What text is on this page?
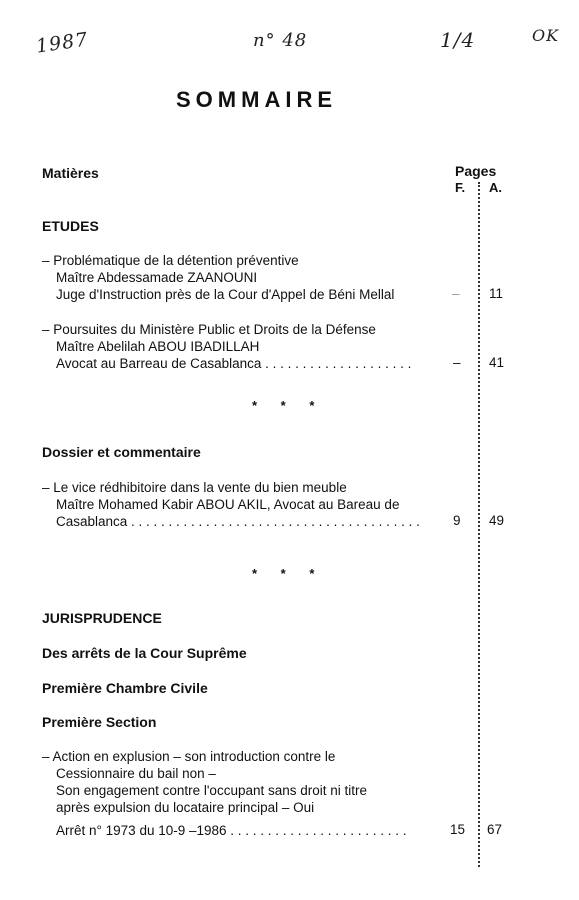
1987	n° 48	1/4	OK
SOMMAIRE
Matières	Pages
F. A.
ETUDES
– Problématique de la détention préventive
Maître Abdessamade ZAANOUNI
Juge d'Instruction près de la Cour d'Appel de Béni Mellal	– 11
– Poursuites du Ministère Public et Droits de la Défense
Maître Abelilah ABOU IBADILLAH
Avocat au Barreau de Casablanca . . . . . . . . . . . . . . . . . . . .	– 41
* * *
Dossier et commentaire
– Le vice rédhibitoire dans la vente du bien meuble
Maître Mohamed Kabir ABOU AKIL, Avocat au Bareau de
Casablanca . . . . . . . . . . . . . . . . . . . . . . . . . . . . . . . . . . . . . . . 9 49
* * *
JURISPRUDENCE
Des arrêts de la Cour Suprême
Première Chambre Civile
Première Section
– Action en explusion – son introduction contre le
Cessionnaire du bail non –
Son engagement contre l'occupant sans droit ni titre
après expulsion du locataire principal – Oui
Arrêt n° 1973 du 10-9 –1986 . . . . . . . . . . . . . . . . . . . . . . . .	15 67
